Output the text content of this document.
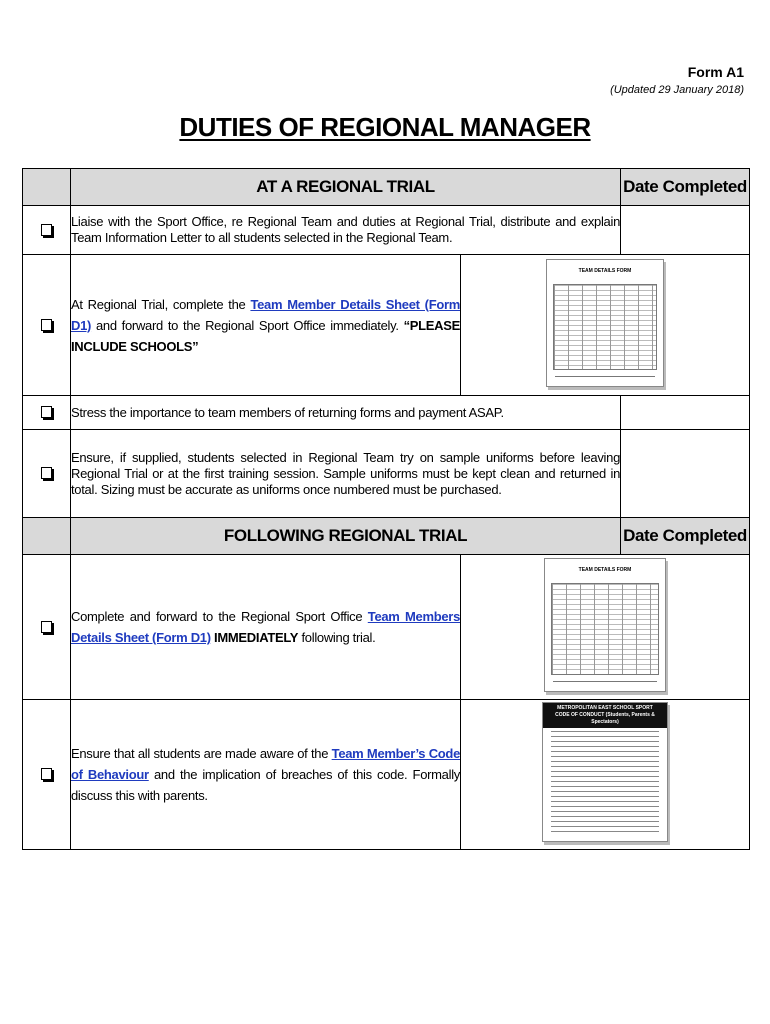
Form A1
(Updated 29 January 2018)
DUTIES OF REGIONAL MANAGER
	AT A REGIONAL TRIAL		Date Completed
	Liaise with the Sport Office, re Regional Team and duties at Regional Trial, distribute and explain Team Information Letter to all students selected in the Regional Team.		
	At Regional Trial, complete the Team Member Details Sheet (Form D1) and forward to the Regional Sport Office immediately. “PLEASE INCLUDE SCHOOLS”	TEAM DETAILS FORM	

	Stress the importance to team members of returning forms and payment ASAP.		
	Ensure, if supplied, students selected in Regional Team try on sample uniforms before leaving Regional Trial or at the first training session. Sample uniforms must be kept clean and returned in total. Sizing must be accurate as uniforms once numbered must be purchased.		
	FOLLOWING REGIONAL TRIAL		Date Completed
	Complete and forward to the Regional Sport Office Team Members Details Sheet (Form D1) IMMEDIATELY following trial.	TEAM DETAILS FORM	

	Ensure that all students are made aware of the Team Member’s Code of Behaviour and the implication of breaches of this code. Formally discuss this with parents.	METROPOLITAN EAST SCHOOL SPORT
CODE OF CONDUCT (Students, Parents & Spectators)	
